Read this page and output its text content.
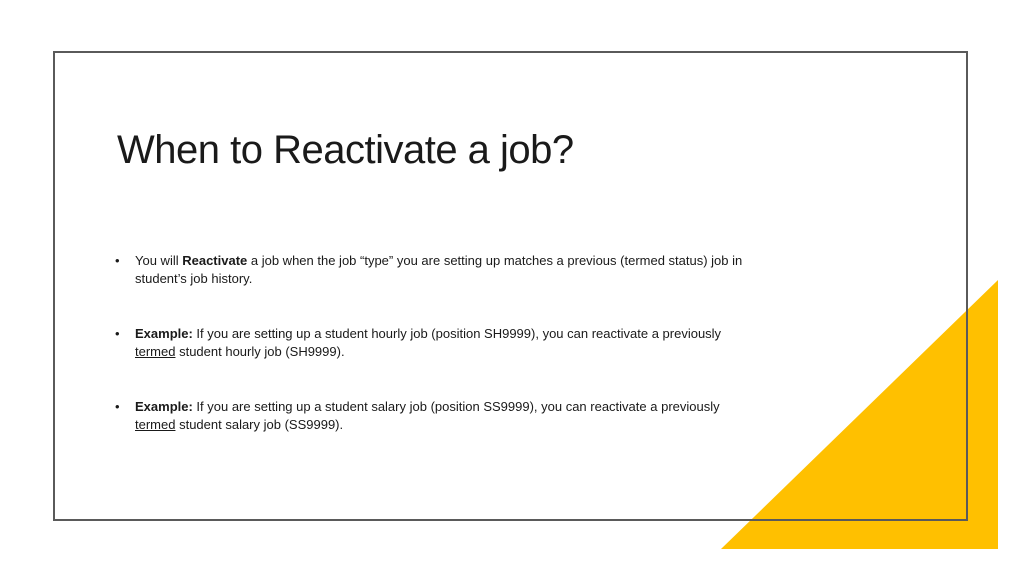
When to Reactivate a job?
• You will Reactivate a job when the job “type” you are setting up matches a previous (termed status) job in student’s job history.
• Example: If you are setting up a student hourly job (position SH9999), you can reactivate a previously termed student hourly job (SH9999).
• Example: If you are setting up a student salary job (position SS9999), you can reactivate a previously termed student salary job (SS9999).
